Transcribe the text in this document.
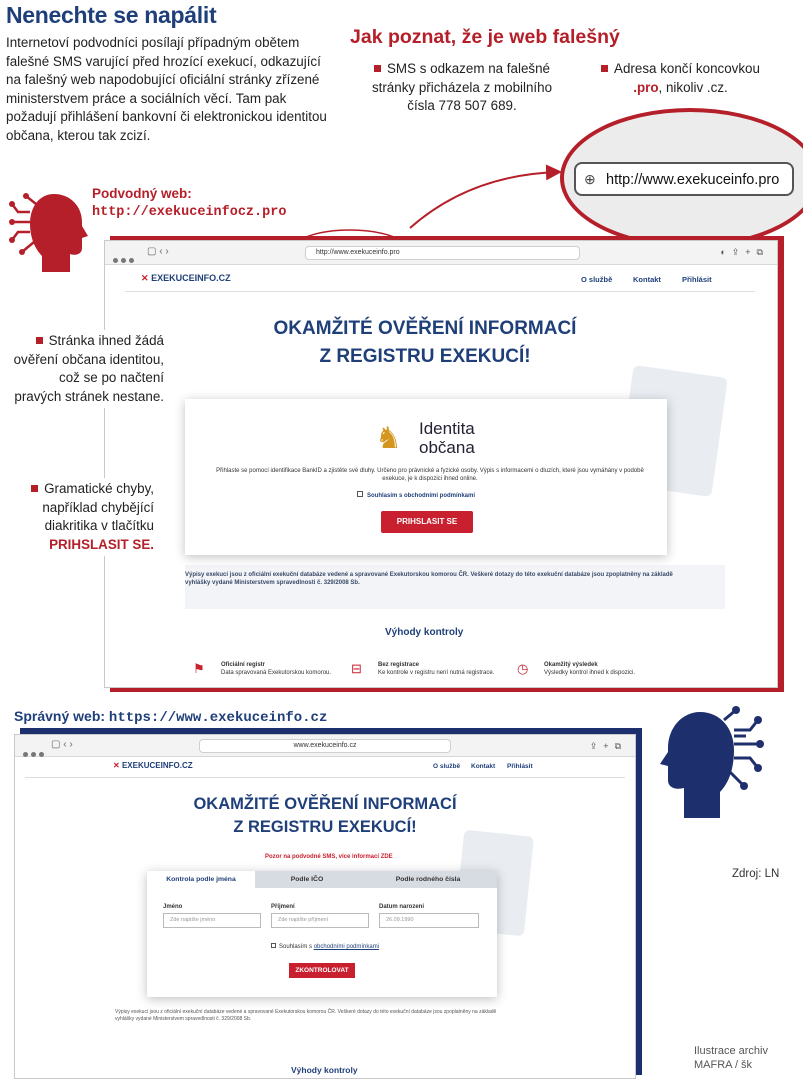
Nenechte se napálit
Internetoví podvodníci posílají případným obětem falešné SMS varující před hrozící exekucí, odkazující na falešný web napodobující oficiální stránky zřízené ministerstvem práce a sociálních věcí. Tam pak požadují přihlášení bankovní či elektronickou identitou občana, kterou tak zcizí.
Jak poznat, že je web falešný
SMS s odkazem na falešné stránky přicházela z mobilního čísla 778 507 689.
Adresa končí koncovkou .pro, nikoliv .cz.
⊕ http://www.exekuceinfo.pro
Podvodný web:
http://exekuceinfocz.pro
▢ ‹ ›	http://www.exekuceinfo.pro	◐⇪+⧉
✕ EXEKUCEINFO.CZ	O službě	Kontakt	Přihlásit
OKAMŽITÉ OVĚŘENÍ INFORMACÍ
Z REGISTRU EXEKUCÍ!
♞	Identita
občana
Přihlaste se pomocí identifikace BankID a zjistěte své dluhy. Určeno pro právnické a fyzické osoby. Výpis s informacemi o dluzích, které jsou vymáhány v podobě exekuce, je k dispozici ihned online.
Souhlasím s obchodními podmínkami
PRIHSLASIT SE
Výpisy exekucí jsou z oficiální exekuční databáze vedené a spravované Exekutorskou komorou ČR. Veškeré dotazy do této exekuční databáze jsou zpoplatněny na základě vyhlášky vydané Ministerstvem spravedlnosti č. 329/2008 Sb.
Výhody kontroly
⚑	Oficiální registr
Data spravovaná Exekutorskou komorou. ⊟	Bez registrace
Ke kontrole v registru není nutná registrace. ◷	Okamžitý výsledek
Výsledky kontrol ihned k dispozici.
Stránka ihned žádá ověření občana identitou, což se po načtení pravých stránek nestane.
Gramatické chyby, například chybějící diakritika v tlačítku PRIHSLASIT SE.
Správný web: https://www.exekuceinfo.cz
▢ ‹ ›	www.exekuceinfo.cz	⇪+⧉
✕ EXEKUCEINFO.CZ	O službě Kontakt Přihlásit
OKAMŽITÉ OVĚŘENÍ INFORMACÍ
Z REGISTRU EXEKUCÍ!
Pozor na podvodné SMS, více informací ZDE
Kontrola podle jména	Podle IČO	Podle rodného čísla
Jméno
Zde napište jméno
Příjmení
Zde napište příjmení
Datum narození
26.09.1990
Souhlasím s obchodními podmínkami
ZKONTROLOVAT
Výpisy exekucí jsou z oficiální exekuční databáze vedené a spravované Exekutorskou komorou ČR. Veškeré dotazy do této exekuční databáze jsou zpoplatněny na základě vyhlášky vydané Ministerstvem spravedlnosti č. 329/2008 Sb.
Výhody kontroly
Zdroj: LN
Ilustrace archiv
MAFRA / šk
